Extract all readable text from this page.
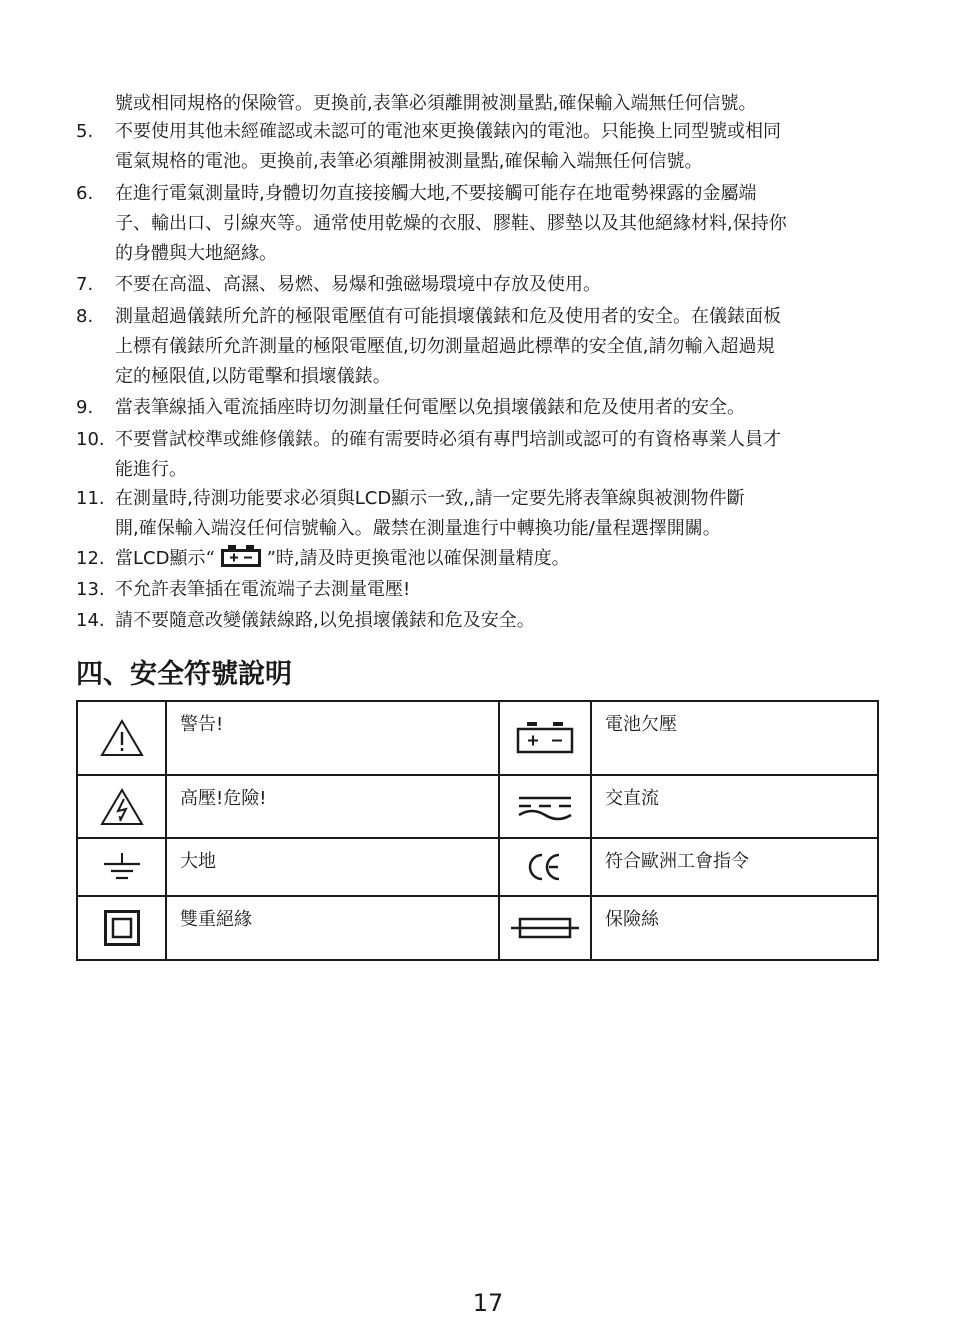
號或相同規格的保險管。更換前,表筆必須離開被測量點,確保輸入端無任何信號。
5.	不要使用其他未經確認或未認可的電池來更換儀錶內的電池。只能換上同型號或相同
電氣規格的電池。更換前,表筆必須離開被測量點,確保輸入端無任何信號。
6.	在進行電氣測量時,身體切勿直接接觸大地,不要接觸可能存在地電勢裸露的金屬端
子、輸出口、引線夾等。通常使用乾燥的衣服、膠鞋、膠墊以及其他絕緣材料,保持你
的身體與大地絕緣。
7.	不要在高溫、高濕、易燃、易爆和強磁場環境中存放及使用。
8.	測量超過儀錶所允許的極限電壓值有可能損壞儀錶和危及使用者的安全。在儀錶面板
上標有儀錶所允許測量的極限電壓值,切勿測量超過此標準的安全值,請勿輸入超過規
定的極限值,以防電擊和損壞儀錶。
9.	當表筆線插入電流插座時切勿測量任何電壓以免損壞儀錶和危及使用者的安全。
10. 不要嘗試校準或維修儀錶。的確有需要時必須有專門培訓或認可的有資格專業人員才
能進行。
11. 在測量時,待測功能要求必須與LCD顯示一致,,請一定要先將表筆線與被測物件斷
開,確保輸入端沒任何信號輸入。嚴禁在測量進行中轉換功能/量程選擇開關。
12. 當LCD顯示“	”時,請及時更換電池以確保測量精度。
13. 不允許表筆插在電流端子去測量電壓!
14. 請不要隨意改變儀錶線路,以免損壞儀錶和危及安全。
四、安全符號說明
	警告!		電池欠壓

	高壓!危險!		交直流

	大地		符合歐洲工會指令

	雙重絕緣		保險絲
17
